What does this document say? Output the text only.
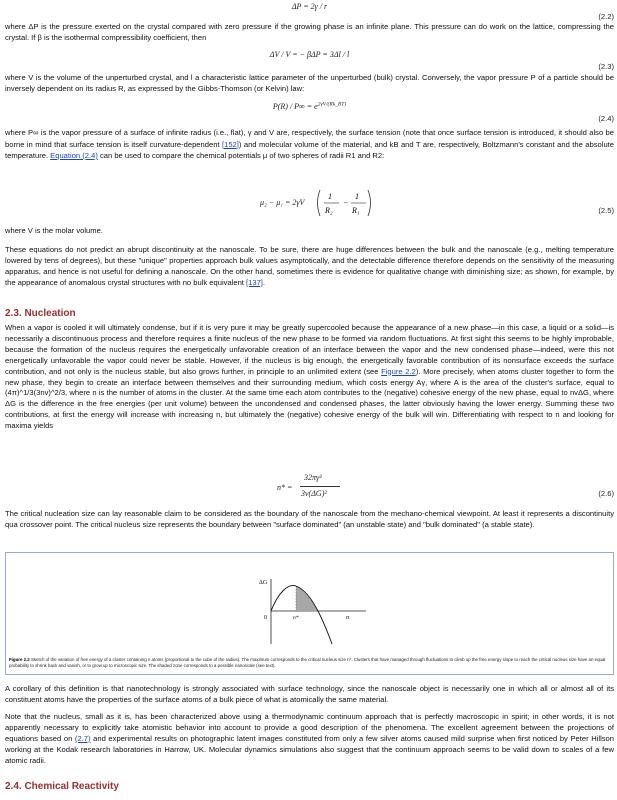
ΔP = 2γ / r
(2.2)

where ΔP is the pressure exerted on the crystal compared with zero pressure if the growing phase is an infinite plane. This pressure can do work on the lattice, compressing the crystal. If β is the isothermal compressibility coefficient, then

ΔV / V = − βΔP = 3Δl / l
(2.3)

where V is the volume of the unperturbed crystal, and l a characteristic lattice parameter of the unperturbed (bulk) crystal. Conversely, the vapor pressure P of a particle should be inversely dependent on its radius R, as expressed by the Gibbs-Thomson (or Kelvin) law:

$P(R) / P\infty = e^{2\gamma V/(Rk\_BT)}$
(2.4)

where P∞ is the vapor pressure of a surface of infinite radius (i.e., flat), γ and V are, respectively, the surface tension (note that once surface tension is introduced, it should also be borne in mind that surface tension is itself curvature-dependent [152]) and molecular volume of the material, and kB and T are, respectively, Boltzmann's constant and the absolute temperature. Equation (2.4) can be used to compare the chemical potentials μ of two spheres of radii R1 and R2:

μ₂ − μ₁ = 2γV
1
R₂
−
1
R₁	(2.5)

where V is the molar volume.

These equations do not predict an abrupt discontinuity at the nanoscale. To be sure, there are huge differences between the bulk and the nanoscale (e.g., melting temperature lowered by tens of degrees), but these "unique" properties approach bulk values asymptotically, and the detectable difference therefore depends on the sensitivity of the measuring apparatus, and hence is not useful for defining a nanoscale. On the other hand, sometimes there is evidence for qualitative change with diminishing size; as shown, for example, by the appearance of anomalous crystal structures with no bulk equivalent [137].

2.3. Nucleation

When a vapor is cooled it will ultimately condense, but if it is very pure it may be greatly supercooled because the appearance of a new phase—in this case, a liquid or a solid—is necessarily a discontinuous process and therefore requires a finite nucleus of the new phase to be formed via random fluctuations. At first sight this seems to be highly improbable, because the formation of the nucleus requires the energetically unfavorable creation of an interface between the vapor and the new condensed phase—indeed, were this not energetically unfavorable the vapor could never be stable. However, if the nucleus is big enough, the energetically favorable contribution of its nonsurface exceeds the surface contribution, and not only is the nucleus stable, but also grows further, in principle to an unlimited extent (see Figure 2.2). More precisely, when atoms cluster together to form the new phase, they begin to create an interface between themselves and their surrounding medium, which costs energy Aγ, where A is the area of the cluster's surface, equal to (4π)^1/3(3nv)^2/3, where n is the number of atoms in the cluster. At the same time each atom contributes to the (negative) cohesive energy of the new phase, equal to nvΔG, where ΔG is the difference in the free energies (per unit volume) between the uncondensed and condensed phases, the latter obviously having the lower energy. Summing these two contributions, at first the energy will increase with increasing n, but ultimately the (negative) cohesive energy of the bulk will win. Differentiating with respect to n and looking for maxima yields

n* =
32πγ³
3v(ΔG)²	(2.6)

The critical nucleation size can lay reasonable claim to be considered as the boundary of the nanoscale from the mechano-chemical viewpoint. At least it represents a discontinuity qua crossover point. The critical nucleus size represents the boundary between "surface dominated" (an unstable state) and "bulk dominated" (a stable state).

ΔG
0	n*	n
Figure 2.2 Sketch of the variation of free energy of a cluster containing n atoms (proportional to the cube of the radius). The maximum corresponds to the critical nucleus size n*. Clusters that have managed through fluctuations to climb up the free energy slope to reach the critical nucleus size have an equal probability to shrink back and vanish, or to grow up to microscopic size. The shaded zone corresponds to a possible nanoscale (see text).

A corollary of this definition is that nanotechnology is strongly associated with surface technology, since the nanoscale object is necessarily one in which all or almost all of its constituent atoms have the properties of the surface atoms of a bulk piece of what is atomically the same material.

Note that the nucleus, small as it is, has been characterized above using a thermodynamic continuum approach that is perfectly macroscopic in spirit; in other words, it is not apparently necessary to explicitly take atomistic behavior into account to provide a good description of the phenomena. The excellent agreement between the projections of equations based on (2.7) and experimental results on photographic latent images constituted from only a few silver atoms caused mild surprise when first noticed by Peter Hillson working at the Kodak research laboratories in Harrow, UK. Molecular dynamics simulations also suggest that the continuum approach seems to be valid down to scales of a few atomic radii.

2.4. Chemical Reactivity
